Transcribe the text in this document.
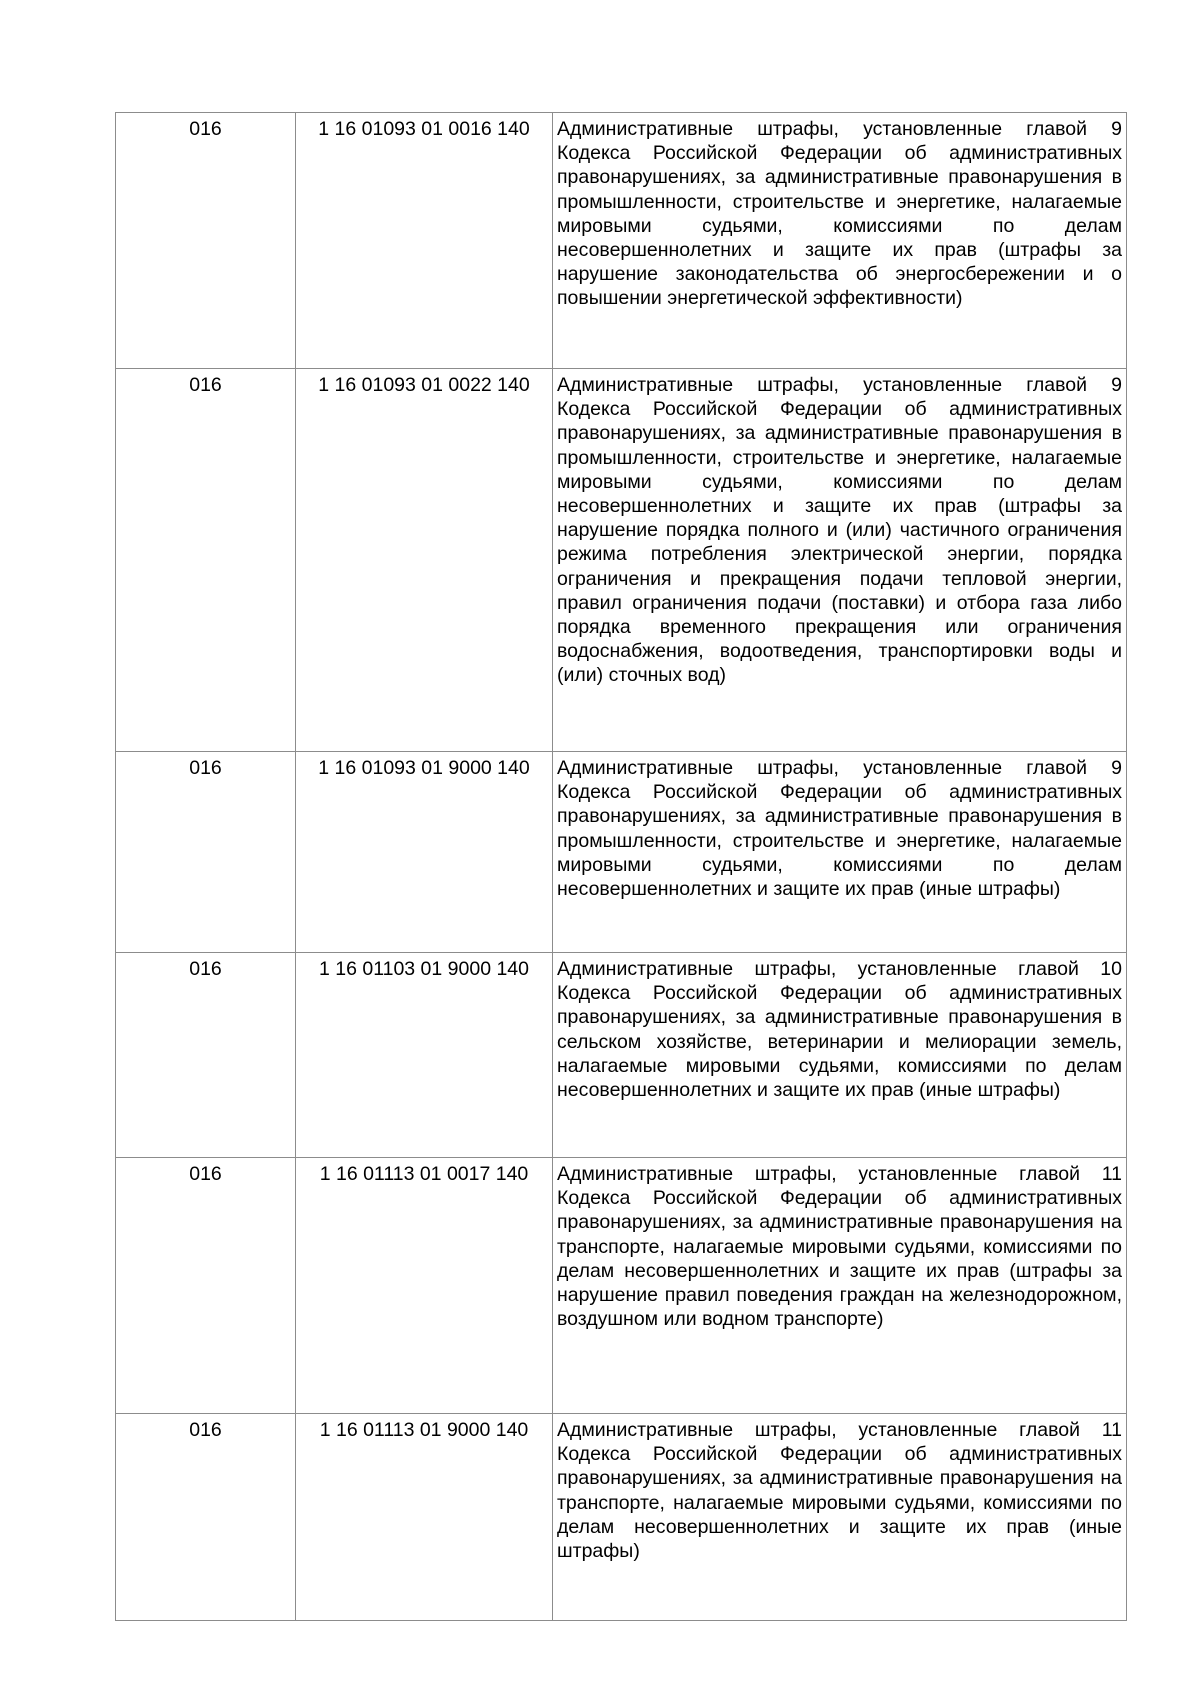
016	1 16 01093 01 0016 140	Административные штрафы, установленные главой 9 Кодекса Российской Федерации об административных правонарушениях, за административные правонарушения в промышленности, строительстве и энергетике, налагаемые мировыми судьями, комиссиями по делам несовершеннолетних и защите их прав (штрафы за нарушение законодательства об энергосбережении и о повышении энергетической эффективности)
016	1 16 01093 01 0022 140	Административные штрафы, установленные главой 9 Кодекса Российской Федерации об административных правонарушениях, за административные правонарушения в промышленности, строительстве и энергетике, налагаемые мировыми судьями, комиссиями по делам несовершеннолетних и защите их прав (штрафы за нарушение порядка полного и (или) частичного ограничения режима потребления электрической энергии, порядка ограничения и прекращения подачи тепловой энергии, правил ограничения подачи (поставки) и отбора газа либо порядка временного прекращения или ограничения водоснабжения, водоотведения, транспортировки воды и (или) сточных вод)
016	1 16 01093 01 9000 140	Административные штрафы, установленные главой 9 Кодекса Российской Федерации об административных правонарушениях, за административные правонарушения в промышленности, строительстве и энергетике, налагаемые мировыми судьями, комиссиями по делам несовершеннолетних и защите их прав (иные штрафы)
016	1 16 01103 01 9000 140	Административные штрафы, установленные главой 10 Кодекса Российской Федерации об административных правонарушениях, за административные правонарушения в сельском хозяйстве, ветеринарии и мелиорации земель, налагаемые мировыми судьями, комиссиями по делам несовершеннолетних и защите их прав (иные штрафы)
016	1 16 01113 01 0017 140	Административные штрафы, установленные главой 11 Кодекса Российской Федерации об административных правонарушениях, за административные правонарушения на транспорте, налагаемые мировыми судьями, комиссиями по делам несовершеннолетних и защите их прав (штрафы за нарушение правил поведения граждан на железнодорожном, воздушном или водном транспорте)
016	1 16 01113 01 9000 140	Административные штрафы, установленные главой 11 Кодекса Российской Федерации об административных правонарушениях, за административные правонарушения на транспорте, налагаемые мировыми судьями, комиссиями по делам несовершеннолетних и защите их прав (иные штрафы)
